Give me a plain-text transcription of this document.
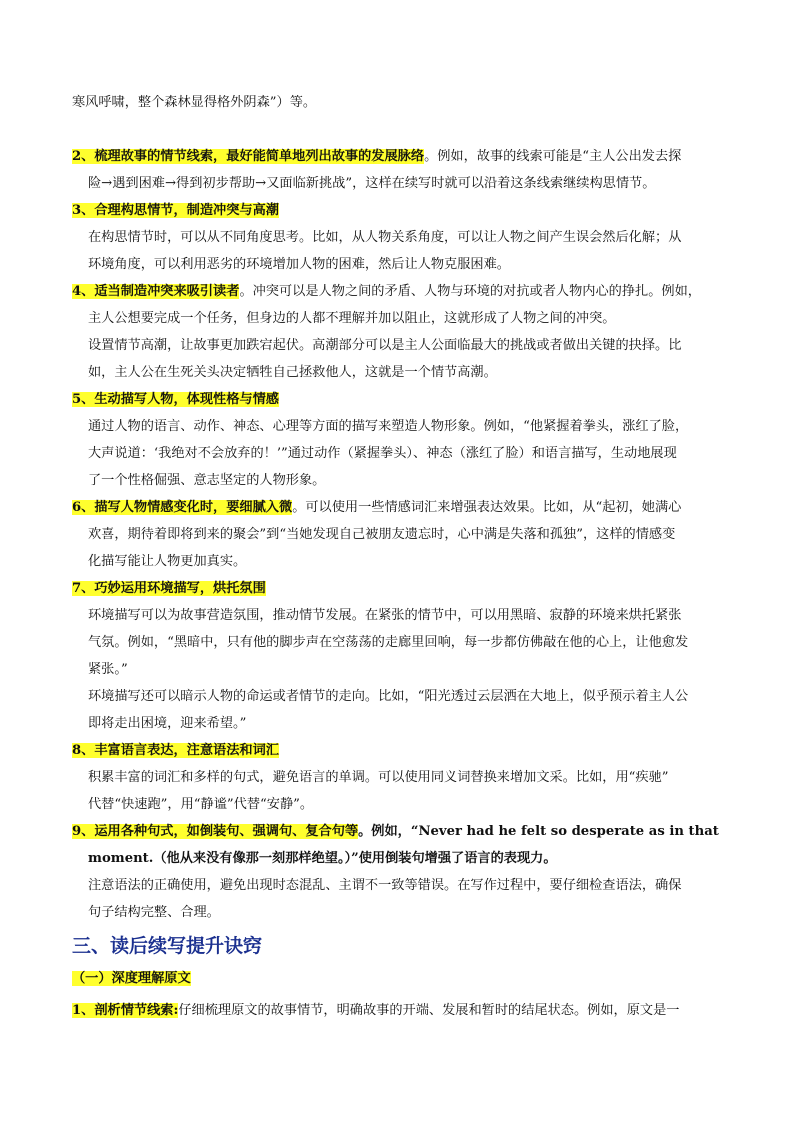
寒风呼啸，整个森林显得格外阴森”）等。
2、梳理故事的情节线索，最好能简单地列出故事的发展脉络。例如，故事的线索可能是“主人公出发去探
险→遇到困难→得到初步帮助→又面临新挑战”，这样在续写时就可以沿着这条线索继续构思情节。
3、合理构思情节，制造冲突与高潮
在构思情节时，可以从不同角度思考。比如，从人物关系角度，可以让人物之间产生误会然后化解；从
环境角度，可以利用恶劣的环境增加人物的困难，然后让人物克服困难。
4、适当制造冲突来吸引读者。冲突可以是人物之间的矛盾、人物与环境的对抗或者人物内心的挣扎。例如，
主人公想要完成一个任务，但身边的人都不理解并加以阻止，这就形成了人物之间的冲突。
设置情节高潮，让故事更加跌宕起伏。高潮部分可以是主人公面临最大的挑战或者做出关键的抉择。比
如，主人公在生死关头决定牺牲自己拯救他人，这就是一个情节高潮。
5、生动描写人物，体现性格与情感
通过人物的语言、动作、神态、心理等方面的描写来塑造人物形象。例如，“他紧握着拳头，涨红了脸，
大声说道：‘我绝对不会放弃的！’”通过动作（紧握拳头）、神态（涨红了脸）和语言描写，生动地展现
了一个性格倔强、意志坚定的人物形象。
6、描写人物情感变化时，要细腻入微。可以使用一些情感词汇来增强表达效果。比如，从“起初，她满心
欢喜，期待着即将到来的聚会”到“当她发现自己被朋友遗忘时，心中满是失落和孤独”，这样的情感变
化描写能让人物更加真实。
7、巧妙运用环境描写，烘托氛围
环境描写可以为故事营造氛围，推动情节发展。在紧张的情节中，可以用黑暗、寂静的环境来烘托紧张
气氛。例如，“黑暗中，只有他的脚步声在空荡荡的走廊里回响，每一步都仿佛敲在他的心上，让他愈发
紧张。”
环境描写还可以暗示人物的命运或者情节的走向。比如，“阳光透过云层洒在大地上，似乎预示着主人公
即将走出困境，迎来希望。”
8、丰富语言表达，注意语法和词汇
积累丰富的词汇和多样的句式，避免语言的单调。可以使用同义词替换来增加文采。比如，用“疾驰”
代替“快速跑”，用“静谧”代替“安静”。
9、运用各种句式，如倒装句、强调句、复合句等。例如，“Never had he felt so desperate as in that
moment.（他从来没有像那一刻那样绝望。）”使用倒装句增强了语言的表现力。
注意语法的正确使用，避免出现时态混乱、主谓不一致等错误。在写作过程中，要仔细检查语法，确保
句子结构完整、合理。
三、读后续写提升诀窍
（一）深度理解原文
1、剖析情节线索:仔细梳理原文的故事情节，明确故事的开端、发展和暂时的结尾状态。例如，原文是一
